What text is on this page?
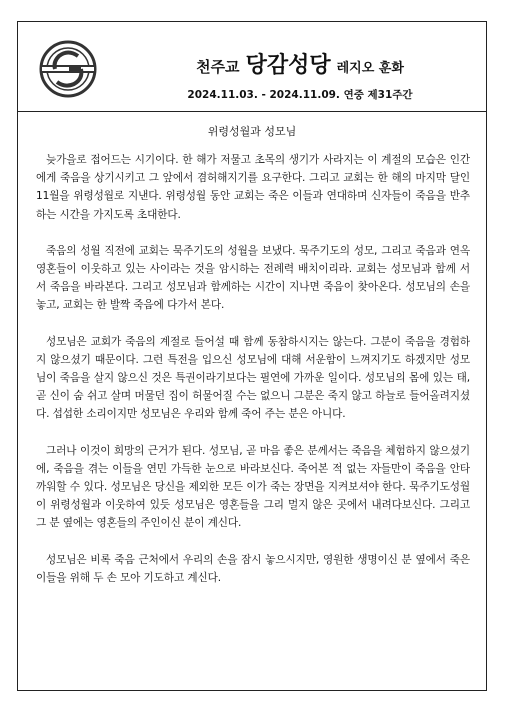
천주교 당감성당 레지오 훈화
2024.11.03. - 2024.11.09. 연중 제31주간
위령성월과 성모님

늦가을로 접어드는 시기이다. 한 해가 저물고 초목의 생기가 사라지는 이 계절의 모습은 인간에게 죽음을 상기시키고 그 앞에서 겸허해지기를 요구한다. 그리고 교회는 한 해의 마지막 달인 11월을 위령성월로 지낸다. 위령성월 동안 교회는 죽은 이들과 연대하며 신자들이 죽음을 반추하는 시간을 가지도록 초대한다.

죽음의 성월 직전에 교회는 묵주기도의 성월을 보냈다. 묵주기도의 성모, 그리고 죽음과 연옥 영혼들이 이웃하고 있는 사이라는 것을 암시하는 전례력 배치이리라. 교회는 성모님과 함께 서서 죽음을 바라본다. 그리고 성모님과 함께하는 시간이 지나면 죽음이 찾아온다. 성모님의 손을 놓고, 교회는 한 발짝 죽음에 다가서 본다.

성모님은 교회가 죽음의 계절로 들어설 때 함께 동참하시지는 않는다. 그분이 죽음을 경험하지 않으셨기 때문이다. 그런 특전을 입으신 성모님에 대해 서운함이 느껴지기도 하겠지만 성모님이 죽음을 살지 않으신 것은 특권이라기보다는 필연에 가까운 일이다. 성모님의 몸에 있는 태, 곧 신이 숨 쉬고 살며 머물던 집이 허물어질 수는 없으니 그분은 죽지 않고 하늘로 들어올려지셨다. 섭섭한 소리이지만 성모님은 우리와 함께 죽어 주는 분은 아니다.

그러나 이것이 희망의 근거가 된다. 성모님, 곧 마음 좋은 분께서는 죽음을 체험하지 않으셨기에, 죽음을 겪는 이들을 연민 가득한 눈으로 바라보신다. 죽어본 적 없는 자들만이 죽음을 안타까워할 수 있다. 성모님은 당신을 제외한 모든 이가 죽는 장면을 지켜보셔야 한다. 묵주기도성월이 위령성월과 이웃하여 있듯 성모님은 영혼들을 그리 멀지 않은 곳에서 내려다보신다. 그리고 그 분 옆에는 영혼들의 주인이신 분이 계신다.

성모님은 비록 죽음 근처에서 우리의 손을 잠시 놓으시지만, 영원한 생명이신 분 옆에서 죽은 이들을 위해 두 손 모아 기도하고 계신다.
